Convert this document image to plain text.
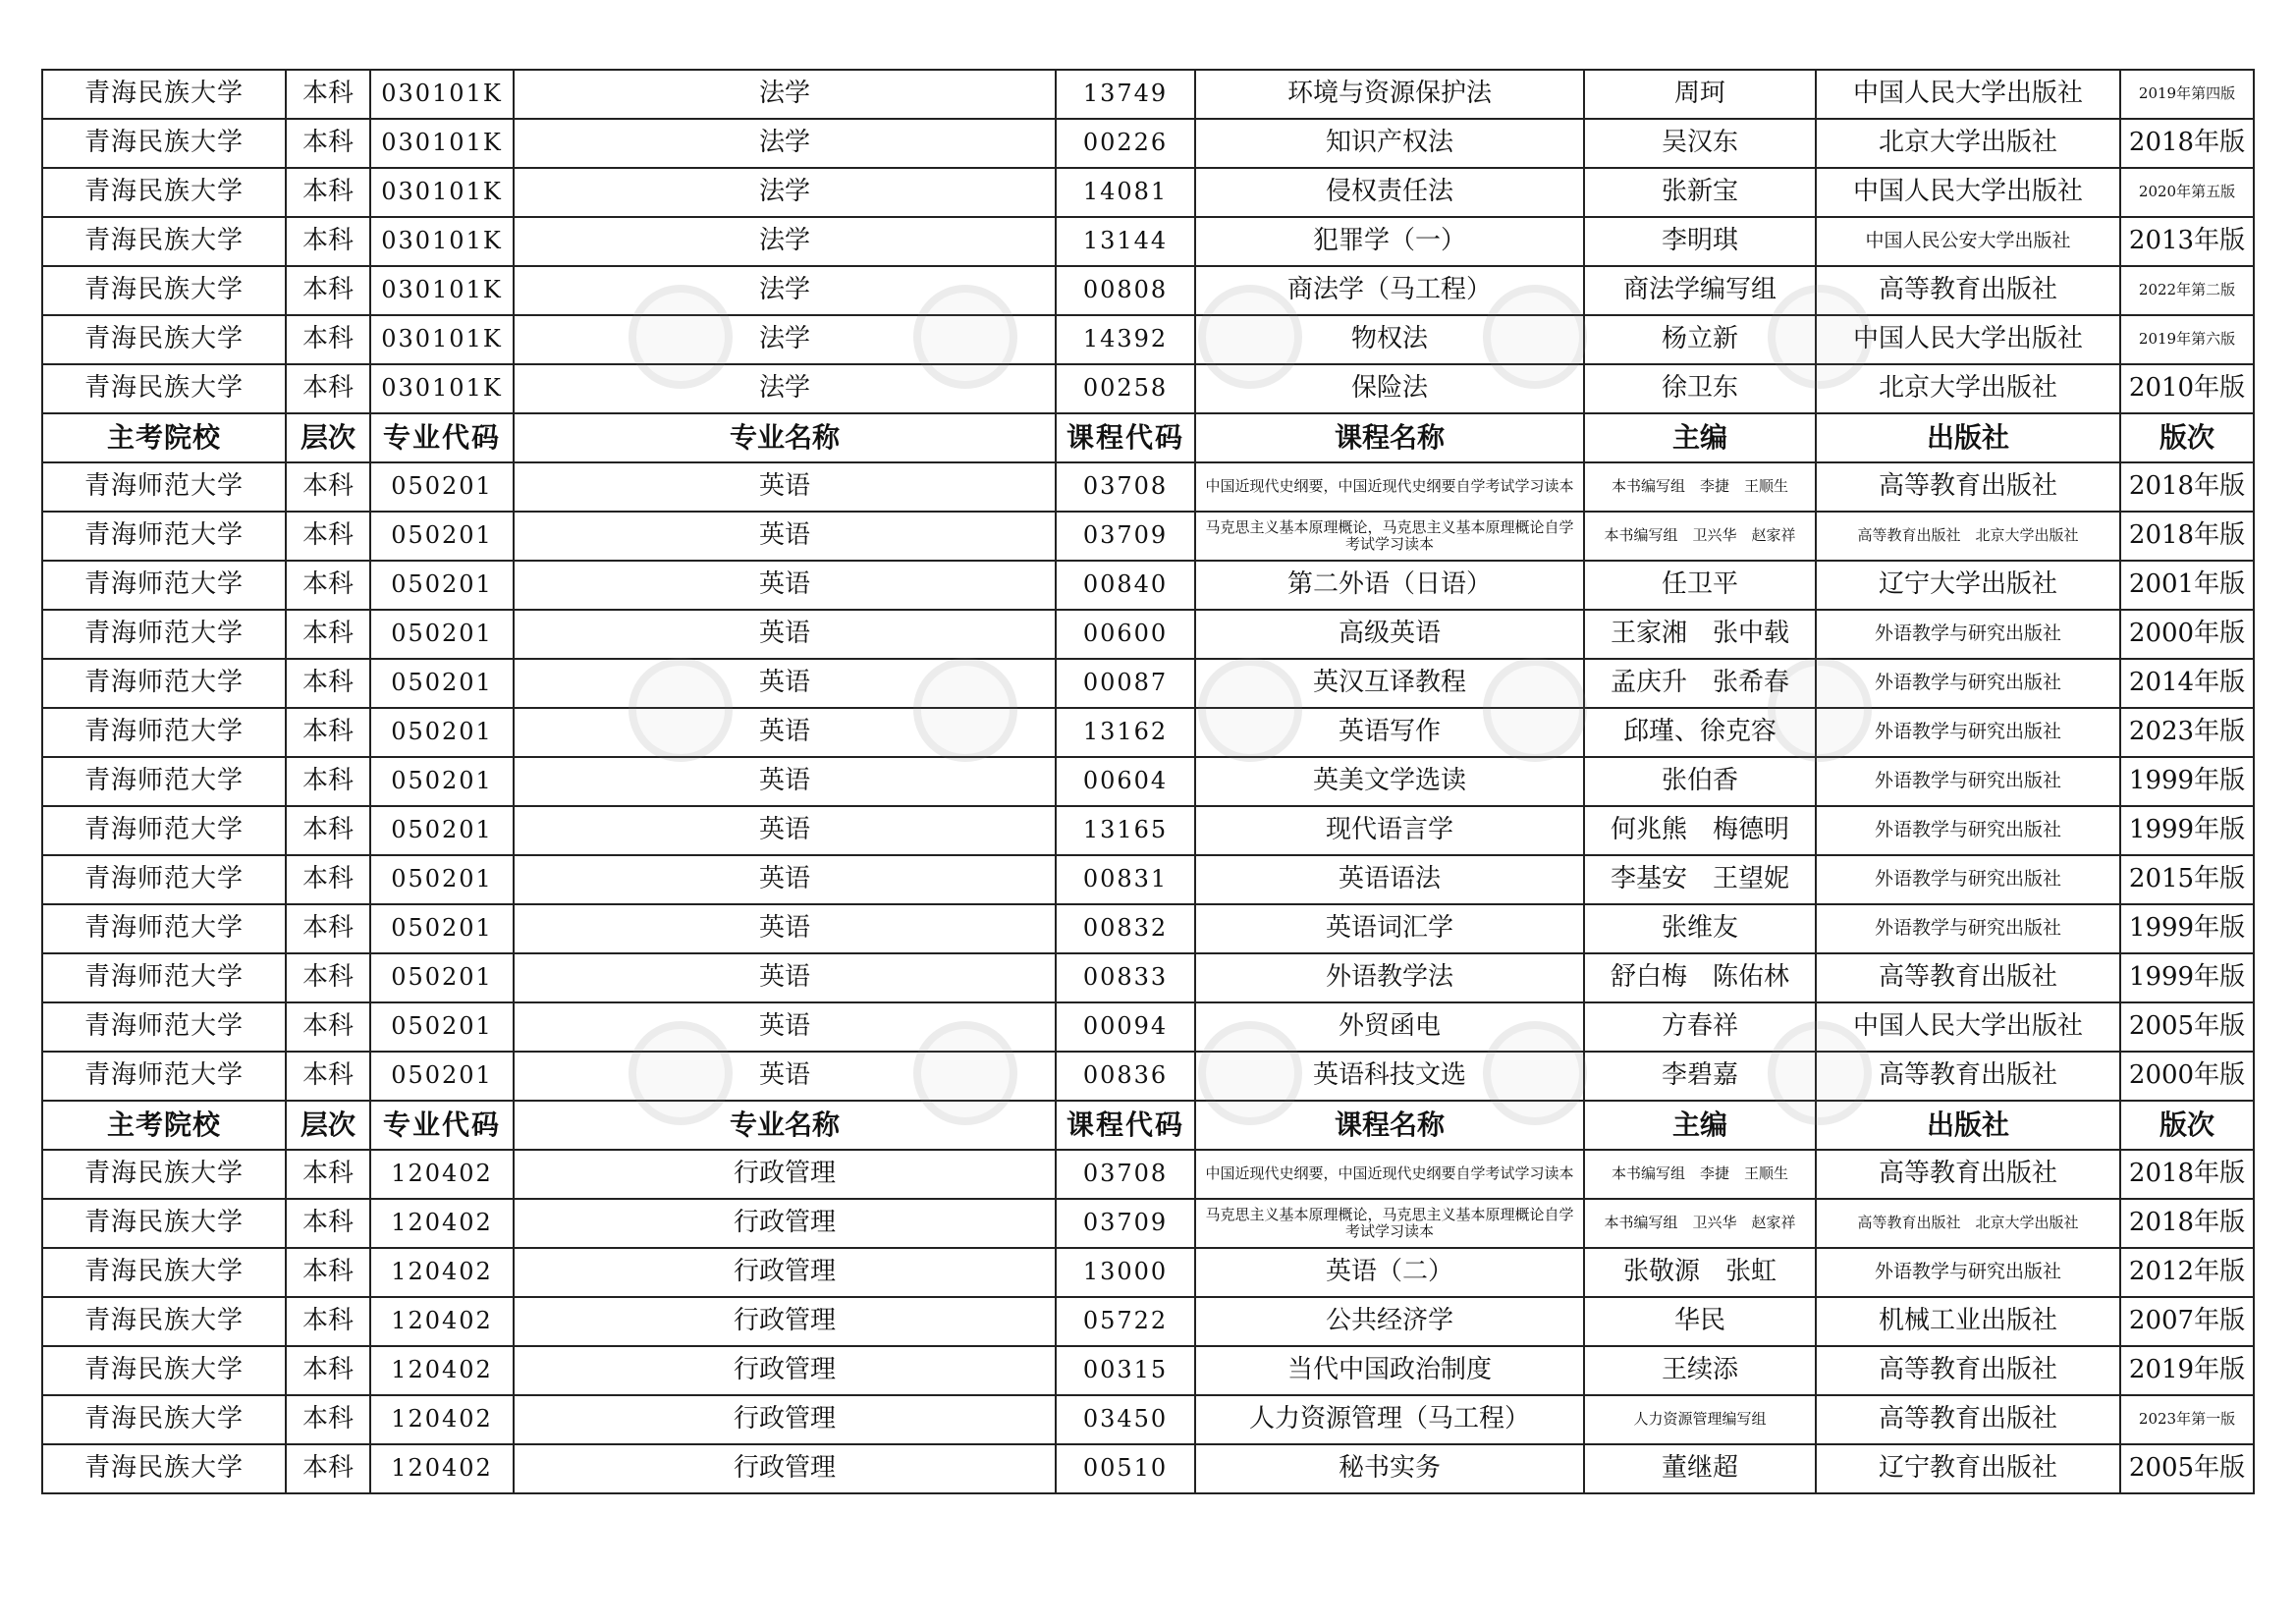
青海民族大学	本科	030101K	法学	13749	环境与资源保护法	周珂	中国人民大学出版社	2019年第四版
青海民族大学	本科	030101K	法学	00226	知识产权法	吴汉东	北京大学出版社	2018年版
青海民族大学	本科	030101K	法学	14081	侵权责任法	张新宝	中国人民大学出版社	2020年第五版
青海民族大学	本科	030101K	法学	13144	犯罪学（一）	李明琪	中国人民公安大学出版社	2013年版
青海民族大学	本科	030101K	法学	00808	商法学（马工程）	商法学编写组	高等教育出版社	2022年第二版
青海民族大学	本科	030101K	法学	14392	物权法	杨立新	中国人民大学出版社	2019年第六版
青海民族大学	本科	030101K	法学	00258	保险法	徐卫东	北京大学出版社	2010年版
主考院校	层次	专业代码	专业名称	课程代码	课程名称	主编	出版社	版次
青海师范大学	本科	050201	英语	03708	中国近现代史纲要，中国近现代史纲要自学考试学习读本	本书编写组　李捷　王顺生	高等教育出版社	2018年版
青海师范大学	本科	050201	英语	03709	马克思主义基本原理概论，马克思主义基本原理概论自学考试学习读本	本书编写组　卫兴华　赵家祥	高等教育出版社　北京大学出版社	2018年版
青海师范大学	本科	050201	英语	00840	第二外语（日语）	任卫平	辽宁大学出版社	2001年版
青海师范大学	本科	050201	英语	00600	高级英语	王家湘　张中载	外语教学与研究出版社	2000年版
青海师范大学	本科	050201	英语	00087	英汉互译教程	孟庆升　张希春	外语教学与研究出版社	2014年版
青海师范大学	本科	050201	英语	13162	英语写作	邱瑾、徐克容	外语教学与研究出版社	2023年版
青海师范大学	本科	050201	英语	00604	英美文学选读	张伯香	外语教学与研究出版社	1999年版
青海师范大学	本科	050201	英语	13165	现代语言学	何兆熊　梅德明	外语教学与研究出版社	1999年版
青海师范大学	本科	050201	英语	00831	英语语法	李基安　王望妮	外语教学与研究出版社	2015年版
青海师范大学	本科	050201	英语	00832	英语词汇学	张维友	外语教学与研究出版社	1999年版
青海师范大学	本科	050201	英语	00833	外语教学法	舒白梅　陈佑林	高等教育出版社	1999年版
青海师范大学	本科	050201	英语	00094	外贸函电	方春祥	中国人民大学出版社	2005年版
青海师范大学	本科	050201	英语	00836	英语科技文选	李碧嘉	高等教育出版社	2000年版
主考院校	层次	专业代码	专业名称	课程代码	课程名称	主编	出版社	版次
青海民族大学	本科	120402	行政管理	03708	中国近现代史纲要，中国近现代史纲要自学考试学习读本	本书编写组　李捷　王顺生	高等教育出版社	2018年版
青海民族大学	本科	120402	行政管理	03709	马克思主义基本原理概论，马克思主义基本原理概论自学考试学习读本	本书编写组　卫兴华　赵家祥	高等教育出版社　北京大学出版社	2018年版
青海民族大学	本科	120402	行政管理	13000	英语（二）	张敬源　张虹	外语教学与研究出版社	2012年版
青海民族大学	本科	120402	行政管理	05722	公共经济学	华民	机械工业出版社	2007年版
青海民族大学	本科	120402	行政管理	00315	当代中国政治制度	王续添	高等教育出版社	2019年版
青海民族大学	本科	120402	行政管理	03450	人力资源管理（马工程）	人力资源管理编写组	高等教育出版社	2023年第一版
青海民族大学	本科	120402	行政管理	00510	秘书实务	董继超	辽宁教育出版社	2005年版
